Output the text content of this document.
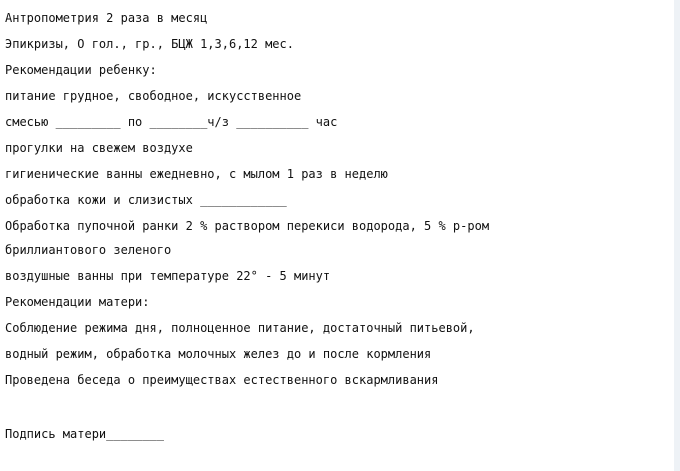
Антропометрия 2 раза в месяц
Эпикризы, О гол., гр., БЦЖ 1,3,6,12 мес.
Рекомендации ребенку:
питание грудное, свободное, искусственное
смесью _________ по ________ч/з __________ час
прогулки на свежем воздухе
гигиенические ванны ежедневно, с мылом 1 раз в неделю
обработка кожи и слизистых ____________
Обработка пупочной ранки 2 % раствором перекиси водорода, 5 % р-ром
бриллиантового зеленого
воздушные ванны при температуре 22° - 5 минут
Рекомендации матери:
Соблюдение режима дня, полноценное питание, достаточный питьевой,
водный режим, обработка молочных желез до и после кормления
Проведена беседа о преимуществах естественного вскармливания
Подпись матери________
